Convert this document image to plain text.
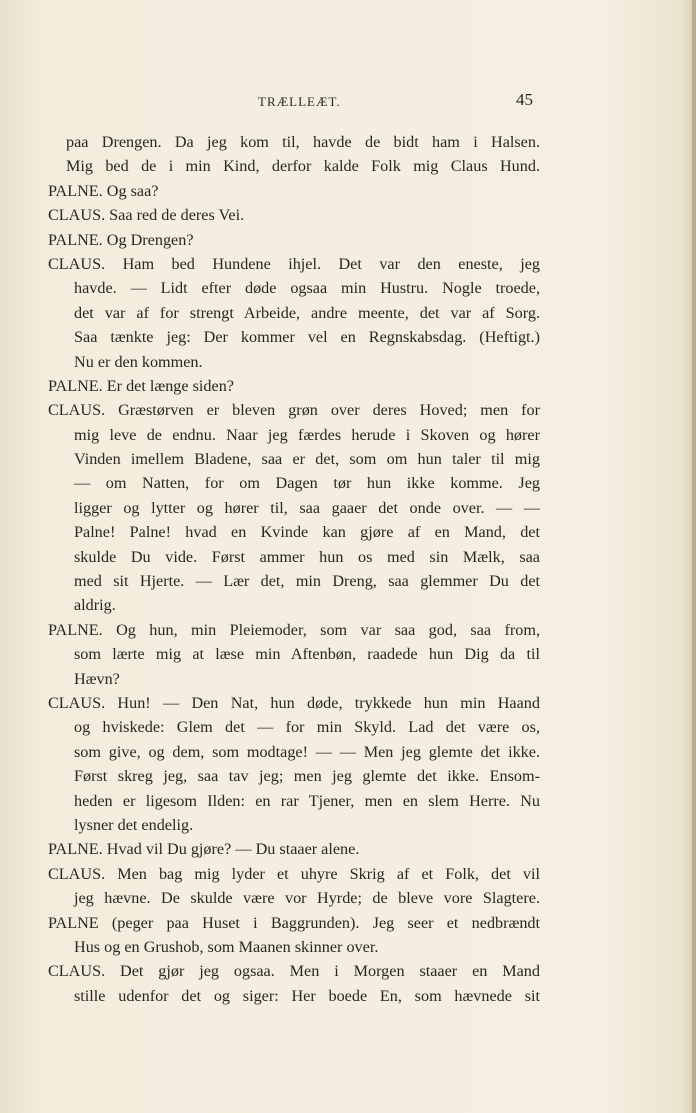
TRÆLLEÆT.	45
paa Drengen. Da jeg kom til, havde de bidt ham i Halsen.
Mig bed de i min Kind, derfor kalde Folk mig Claus Hund.
PALNE. Og saa?
CLAUS. Saa red de deres Vei.
PALNE. Og Drengen?
CLAUS. Ham bed Hundene ihjel. Det var den eneste, jeg
havde. — Lidt efter døde ogsaa min Hustru. Nogle troede,
det var af for strengt Arbeide, andre meente, det var af Sorg.
Saa tænkte jeg: Der kommer vel en Regnskabsdag. (Heftigt.)
Nu er den kommen.
PALNE. Er det længe siden?
CLAUS. Græstørven er bleven grøn over deres Hoved; men for
mig leve de endnu. Naar jeg færdes herude i Skoven og hører
Vinden imellem Bladene, saa er det, som om hun taler til mig
— om Natten, for om Dagen tør hun ikke komme. Jeg
ligger og lytter og hører til, saa gaaer det onde over. — —
Palne! Palne! hvad en Kvinde kan gjøre af en Mand, det
skulde Du vide. Først ammer hun os med sin Mælk, saa
med sit Hjerte. — Lær det, min Dreng, saa glemmer Du det
aldrig.
PALNE. Og hun, min Pleiemoder, som var saa god, saa from,
som lærte mig at læse min Aftenbøn, raadede hun Dig da til
Hævn?
CLAUS. Hun! — Den Nat, hun døde, trykkede hun min Haand
og hviskede: Glem det — for min Skyld. Lad det være os,
som give, og dem, som modtage! — — Men jeg glemte det ikke.
Først skreg jeg, saa tav jeg; men jeg glemte det ikke. Ensom-
heden er ligesom Ilden: en rar Tjener, men en slem Herre. Nu
lysner det endelig.
PALNE. Hvad vil Du gjøre? — Du staaer alene.
CLAUS. Men bag mig lyder et uhyre Skrig af et Folk, det vil
jeg hævne. De skulde være vor Hyrde; de bleve vore Slagtere.
PALNE (peger paa Huset i Baggrunden). Jeg seer et nedbrændt
Hus og en Grushob, som Maanen skinner over.
CLAUS. Det gjør jeg ogsaa. Men i Morgen staaer en Mand
stille udenfor det og siger: Her boede En, som hævnede sit
